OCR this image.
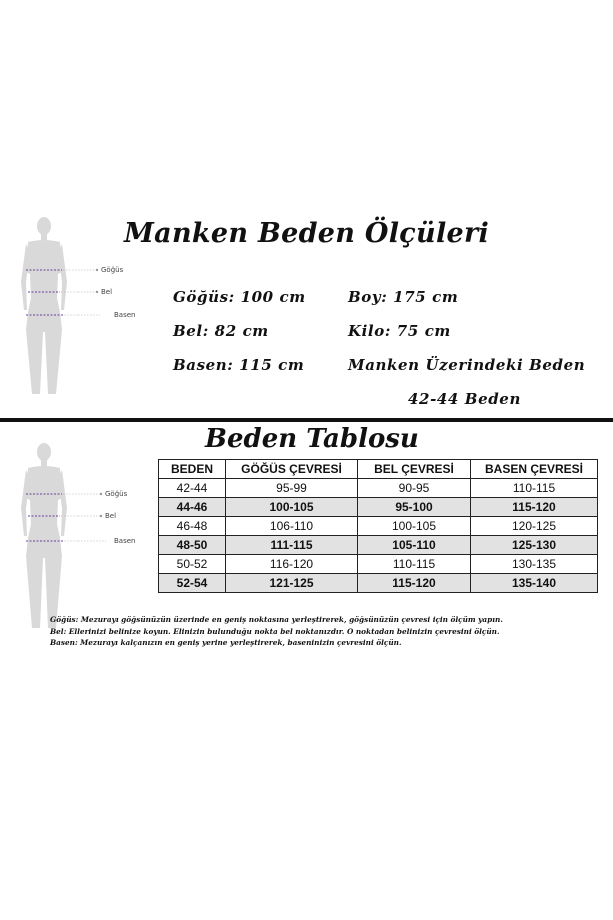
Göğüs
Bel
Basen
Manken Beden Ölçüleri
Göğüs: 100 cm
Bel: 82 cm
Basen: 115 cm
Boy: 175 cm
Kilo: 75 cm
Manken Üzerindeki Beden
42-44 Beden
Göğüs
Bel
Basen
Beden Tablosu
BEDEN	GÖĞÜS ÇEVRESİ	BEL ÇEVRESİ	BASEN ÇEVRESİ
42-44	95-99	90-95	110-115
44-46	100-105	95-100	115-120
46-48	106-110	100-105	120-125
48-50	111-115	105-110	125-130
50-52	116-120	110-115	130-135
52-54	121-125	115-120	135-140
Göğüs: Mezurayı göğsünüzün üzerinde en geniş noktasına yerleştirerek, göğsünüzün çevresi için ölçüm yapın.
Bel: Ellerinizi belinize koyun. Elinizin bulunduğu nokta bel noktanızdır. O noktadan belinizin çevresini ölçün.
Basen: Mezurayı kalçanızın en geniş yerine yerleştirerek, baseninizin çevresini ölçün.
